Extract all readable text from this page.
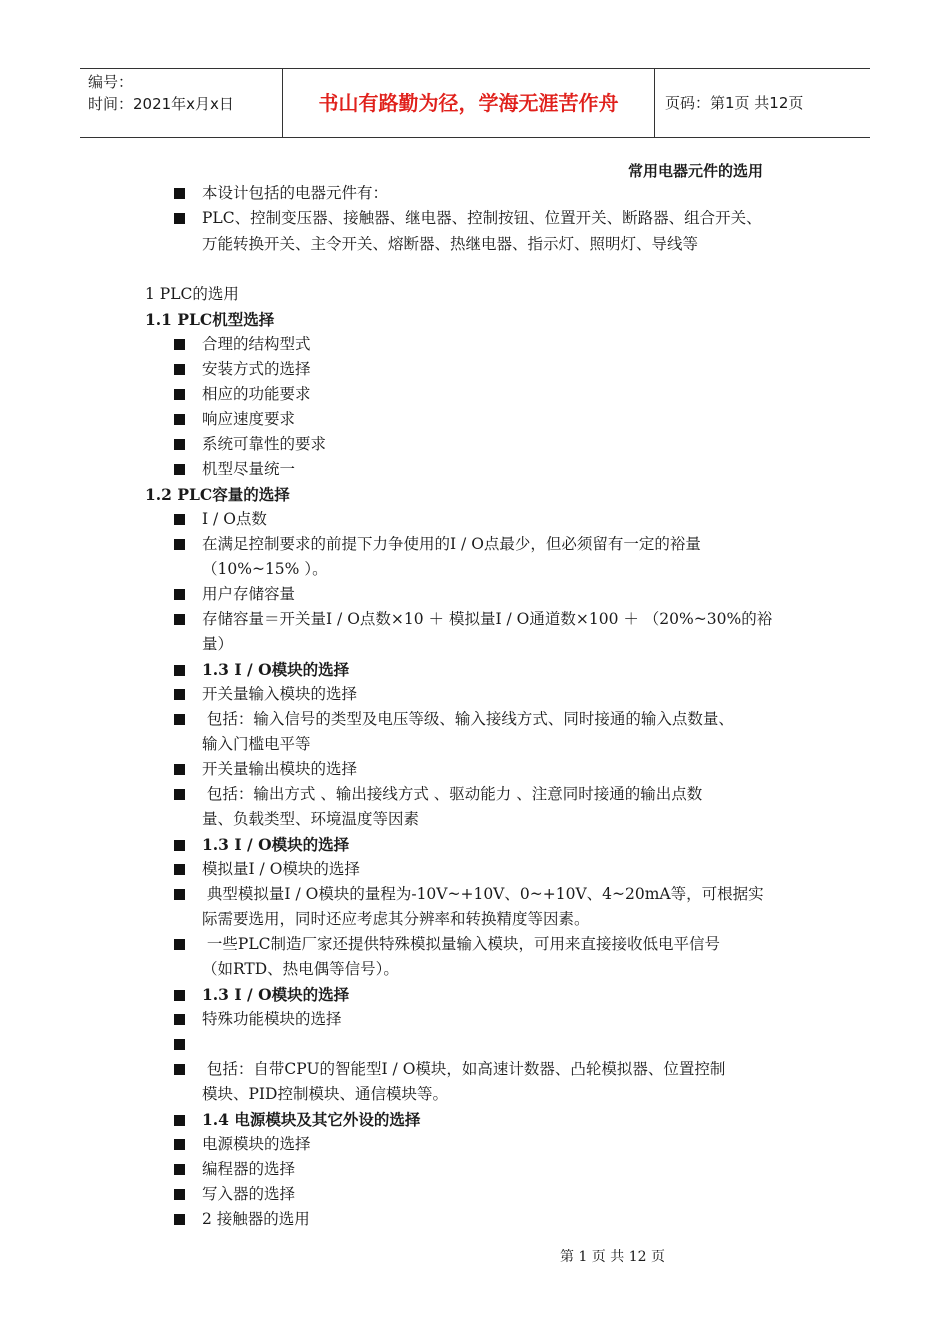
编号：
时间：2021年x月x日	书山有路勤为径，学海无涯苦作舟	页码：第1页 共12页
常用电器元件的选用
本设计包括的电器元件有：
PLC、控制变压器、接触器、继电器、控制按钮、位置开关、断路器、组合开关、
万能转换开关、主令开关、熔断器、热继电器、指示灯、照明灯、导线等
1 PLC的选用
1.1 PLC机型选择
合理的结构型式
安装方式的选择
相应的功能要求
响应速度要求
系统可靠性的要求
机型尽量统一
1.2 PLC容量的选择
I / O点数
在满足控制要求的前提下力争使用的I / O点最少，但必须留有一定的裕量
（10%~15% ）。
用户存储容量
存储容量＝开关量I / O点数×10 ＋ 模拟量I / O通道数×100 ＋ （20%~30%的裕
量）
1.3 I / O模块的选择
开关量输入模块的选择
包括：输入信号的类型及电压等级、输入接线方式、同时接通的输入点数量、
输入门槛电平等
开关量输出模块的选择
包括：输出方式 、输出接线方式 、驱动能力 、注意同时接通的输出点数
量、负载类型、环境温度等因素
1.3 I / O模块的选择
模拟量I / O模块的选择
典型模拟量I / O模块的量程为-10V~+10V、0~+10V、4~20mA等，可根据实
际需要选用，同时还应考虑其分辨率和转换精度等因素。
一些PLC制造厂家还提供特殊模拟量输入模块，可用来直接接收低电平信号
（如RTD、热电偶等信号）。
1.3 I / O模块的选择
特殊功能模块的选择
包括：自带CPU的智能型I / O模块，如高速计数器、凸轮模拟器、位置控制
模块、PID控制模块、通信模块等。
1.4 电源模块及其它外设的选择
电源模块的选择
编程器的选择
写入器的选择
2 接触器的选用
第 1 页 共 12 页
